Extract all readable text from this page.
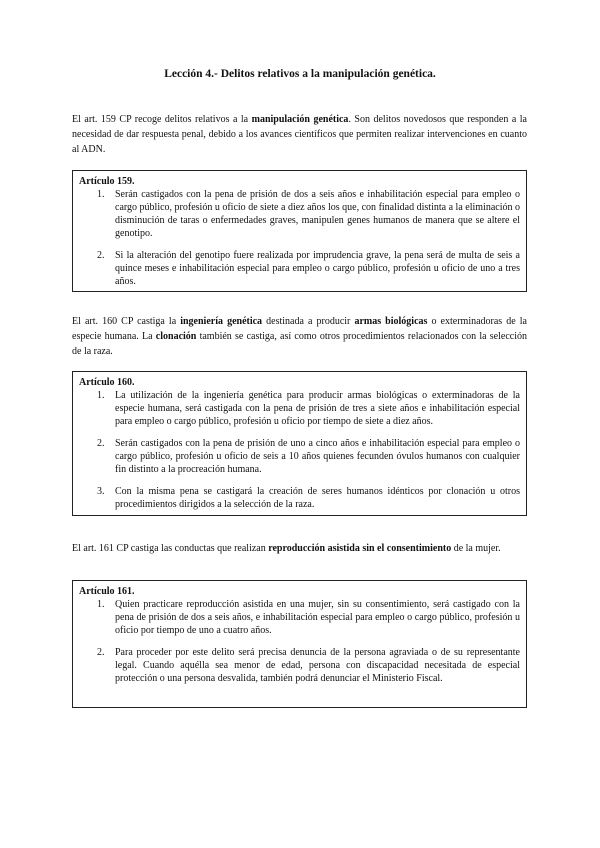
Lección 4.- Delitos relativos a la manipulación genética.
El art. 159 CP recoge delitos relativos a la manipulación genética. Son delitos novedosos que responden a la necesidad de dar respuesta penal, debido a los avances científicos que permiten realizar intervenciones en cuanto al ADN.
Artículo 159.
1. Serán castigados con la pena de prisión de dos a seis años e inhabilitación especial para empleo o cargo público, profesión u oficio de siete a diez años los que, con finalidad distinta a la eliminación o disminución de taras o enfermedades graves, manipulen genes humanos de manera que se altere el genotipo.
2. Si la alteración del genotipo fuere realizada por imprudencia grave, la pena será de multa de seis a quince meses e inhabilitación especial para empleo o cargo público, profesión u oficio de uno a tres años.
El art. 160 CP castiga la ingeniería genética destinada a producir armas biológicas o exterminadoras de la especie humana. La clonación también se castiga, así como otros procedimientos relacionados con la selección de la raza.
Artículo 160.
1. La utilización de la ingeniería genética para producir armas biológicas o exterminadoras de la especie humana, será castigada con la pena de prisión de tres a siete años e inhabilitación especial para empleo o cargo público, profesión u oficio por tiempo de siete a diez años.
2. Serán castigados con la pena de prisión de uno a cinco años e inhabilitación especial para empleo o cargo público, profesión u oficio de seis a 10 años quienes fecunden óvulos humanos con cualquier fin distinto a la procreación humana.
3. Con la misma pena se castigará la creación de seres humanos idénticos por clonación u otros procedimientos dirigidos a la selección de la raza.
El art. 161 CP castiga las conductas que realizan reproducción asistida sin el consentimiento de la mujer.
Artículo 161.
1. Quien practicare reproducción asistida en una mujer, sin su consentimiento, será castigado con la pena de prisión de dos a seis años, e inhabilitación especial para empleo o cargo público, profesión u oficio por tiempo de uno a cuatro años.
2. Para proceder por este delito será precisa denuncia de la persona agraviada o de su representante legal. Cuando aquélla sea menor de edad, persona con discapacidad necesitada de especial protección o una persona desvalida, también podrá denunciar el Ministerio Fiscal.
